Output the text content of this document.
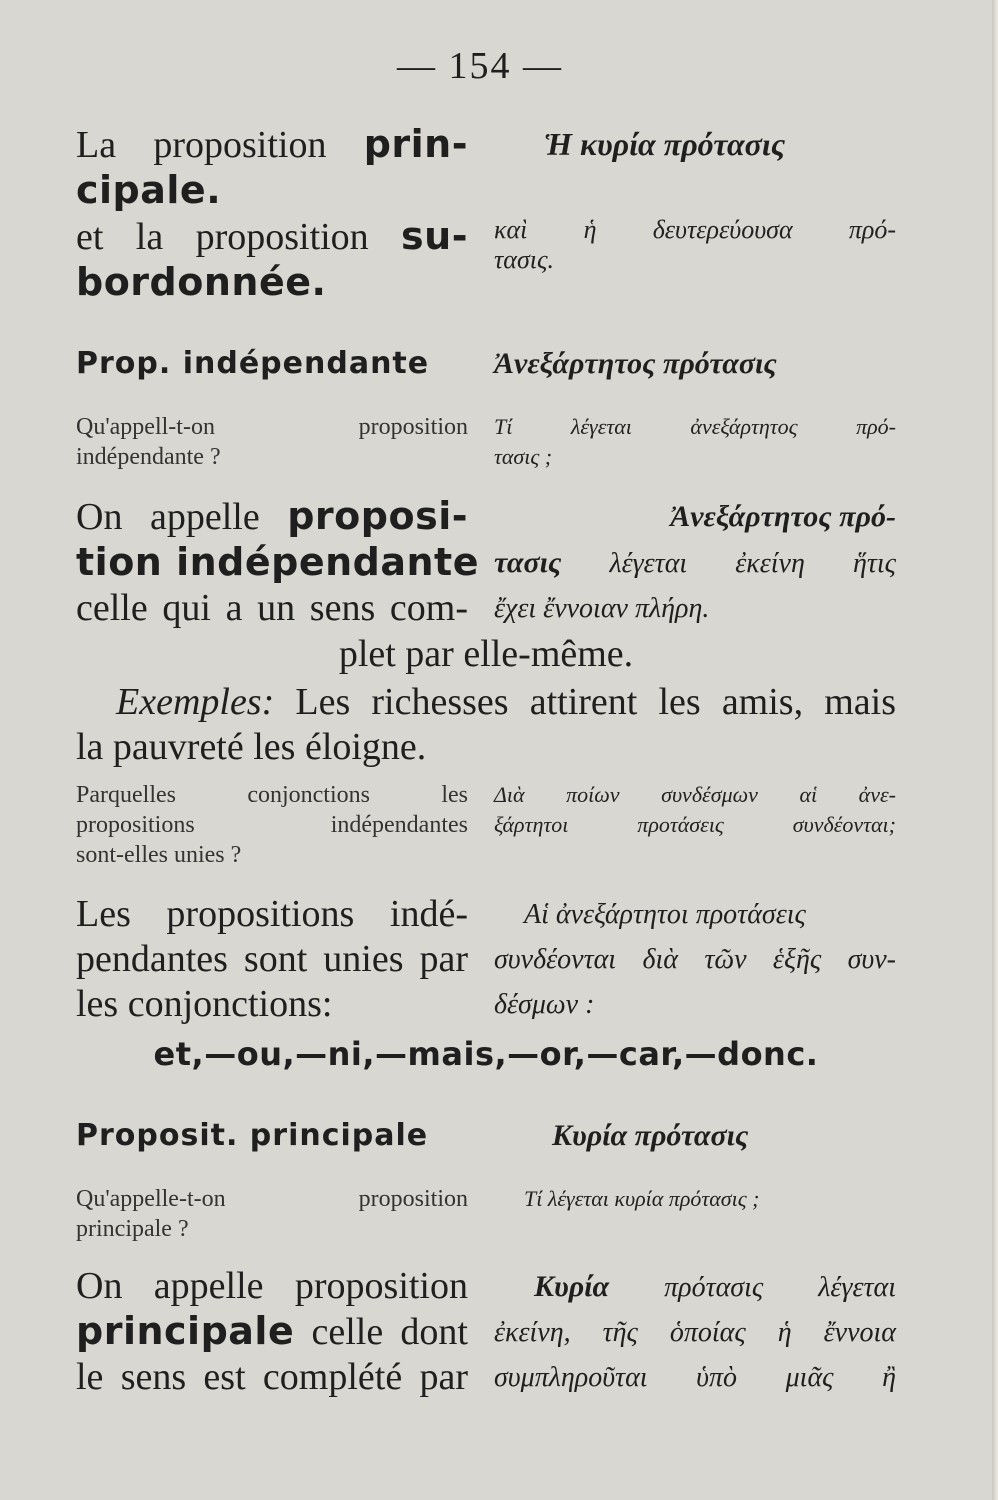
— 154 —
La proposition prin-
cipale.
et la proposition su-
bordonnée.
Ἡ κυρία πρότασις
καὶ ἡ δευτερεύουσα πρό-
τασις.
Prop. indépendante	Ἀνεξάρτητος πρότασις
Qu'appell-t-on proposition
indépendante ?
Τί λέγεται ἀνεξάρτητος πρό-
τασις ;
On appelle proposi-
tion indépendante
celle qui a un sens com-
Ἀνεξάρτητος πρό-
τασις λέγεται ἐκείνη ἥτις
ἔχει ἔννοιαν πλήρη.
plet par elle-même.
Exemples: Les richesses attirent les amis, mais
la pauvreté les éloigne.
Parquelles conjonctions les
propositions indépendantes
sont-elles unies ?
Διὰ ποίων συνδέσμων αἱ ἀνε-
ξάρτητοι προτάσεις συνδέονται;
Les propositions indé-
pendantes sont unies par
les conjonctions:
Αἱ ἀνεξάρτητοι προτάσεις
συνδέονται διὰ τῶν ἑξῆς συν-
δέσμων :
et,—ou,—ni,—mais,—or,—car,—donc.
Proposit. principale	Κυρία πρότασις
Qu'appelle-t-on proposition
principale ?
Τί λέγεται κυρία πρότασις ;
On appelle proposition
principale celle dont
le sens est complété par
Κυρία πρότασις λέγεται
ἐκείνη, τῆς ὁποίας ἡ ἔννοια
συμπληροῦται ὑπὸ μιᾶς ἢ
